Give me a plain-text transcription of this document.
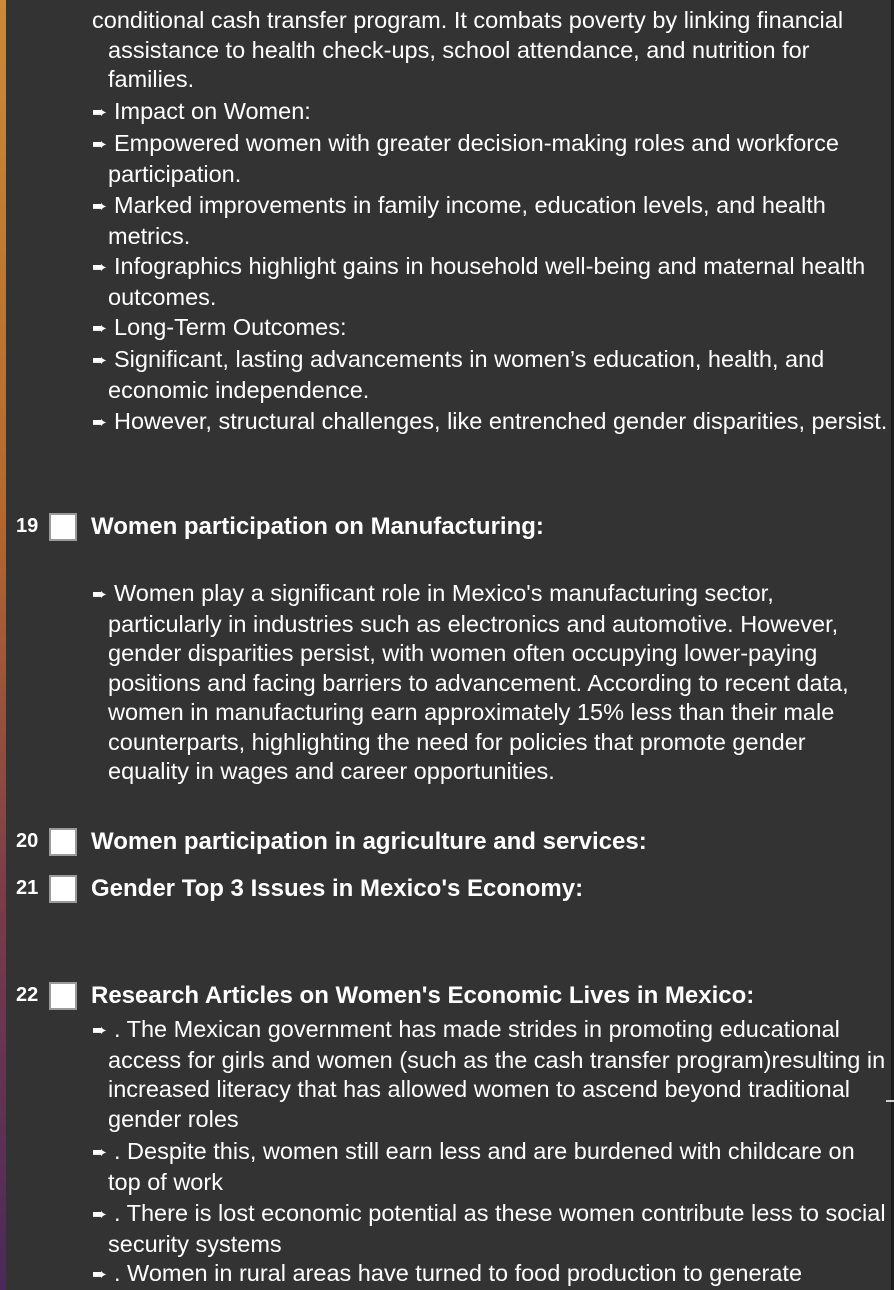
conditional cash transfer program. It combats poverty by linking financial assistance to health check-ups, school attendance, and nutrition for families.
➨ Impact on Women:
➨ Empowered women with greater decision-making roles and workforce participation.
➨ Marked improvements in family income, education levels, and health metrics.
➨ Infographics highlight gains in household well-being and maternal health outcomes.
➨ Long-Term Outcomes:
➨ Significant, lasting advancements in women’s education, health, and economic independence.
➨ However, structural challenges, like entrenched gender disparities, persist.
19 Women participation on Manufacturing:
➨ Women play a significant role in Mexico's manufacturing sector, particularly in industries such as electronics and automotive. However, gender disparities persist, with women often occupying lower-paying positions and facing barriers to advancement. According to recent data, women in manufacturing earn approximately 15% less than their male counterparts, highlighting the need for policies that promote gender equality in wages and career opportunities.
20 Women participation in agriculture and services:
21 Gender Top 3 Issues in Mexico's Economy:
22 Research Articles on Women's Economic Lives in Mexico:
➨ . The Mexican government has made strides in promoting educational access for girls and women (such as the cash transfer program)resulting in increased literacy that has allowed women to ascend beyond traditional gender roles
➨ . Despite this, women still earn less and are burdened with childcare on top of work
➨ . There is lost economic potential as these women contribute less to social security systems
➨ . Women in rural areas have turned to food production to generate
